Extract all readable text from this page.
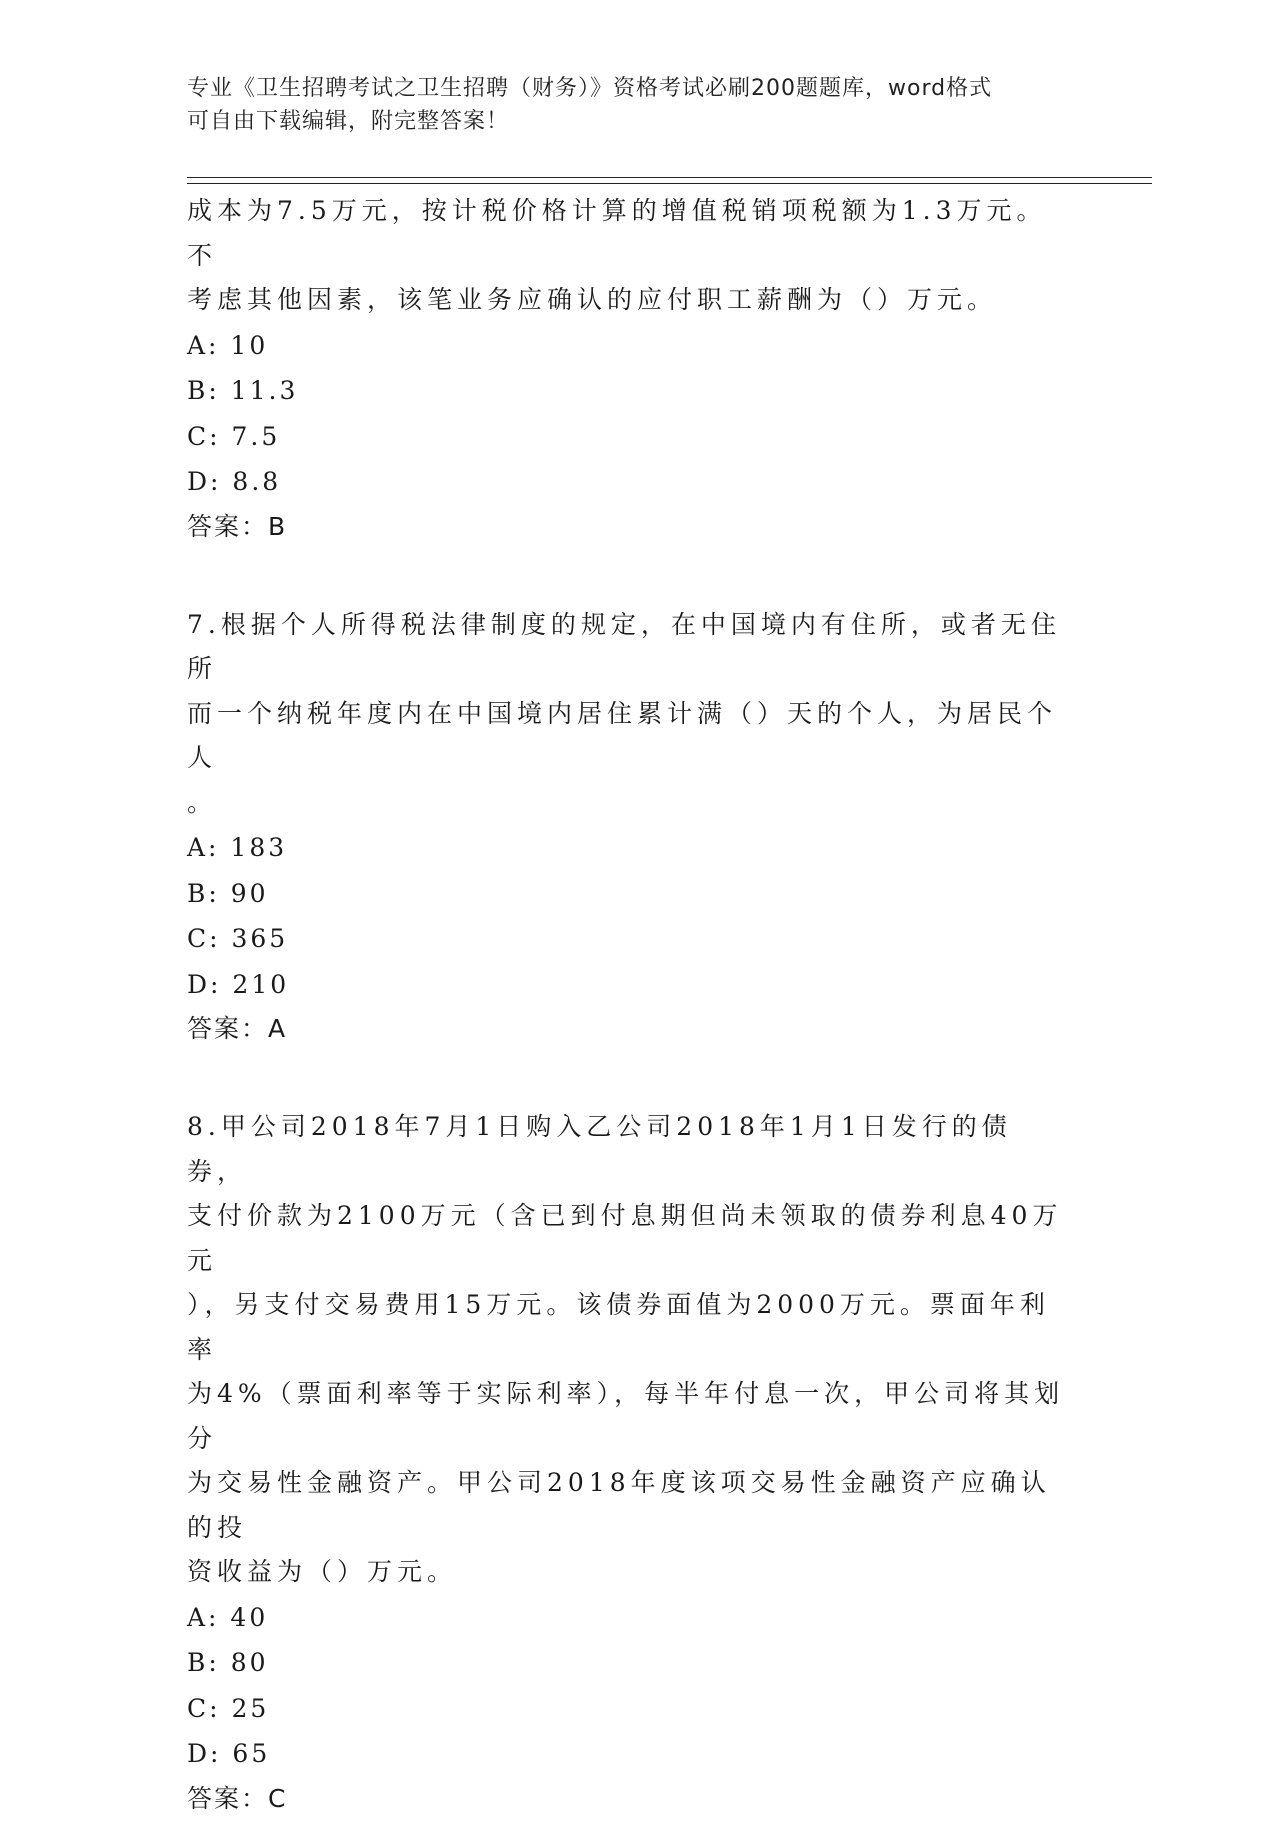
专业《卫生招聘考试之卫生招聘（财务）》资格考试必刷200题题库，word格式
可自由下载编辑，附完整答案！

成本为7.5万元，按计税价格计算的增值税销项税额为1.3万元。不

考虑其他因素，该笔业务应确认的应付职工薪酬为（）万元。

A: 10

B: 11.3

C: 7.5

D: 8.8

答案：B

7.根据个人所得税法律制度的规定，在中国境内有住所，或者无住所

而一个纳税年度内在中国境内居住累计满（）天的个人，为居民个人

。

A: 183

B: 90

C: 365

D: 210

答案：A

8.甲公司2018年7月1日购入乙公司2018年1月1日发行的债券，

支付价款为2100万元（含已到付息期但尚未领取的债券利息40万元

），另支付交易费用15万元。该债券面值为2000万元。票面年利率

为4%（票面利率等于实际利率），每半年付息一次，甲公司将其划分

为交易性金融资产。甲公司2018年度该项交易性金融资产应确认的投

资收益为（）万元。

A: 40

B: 80

C: 25

D: 65

答案：C
